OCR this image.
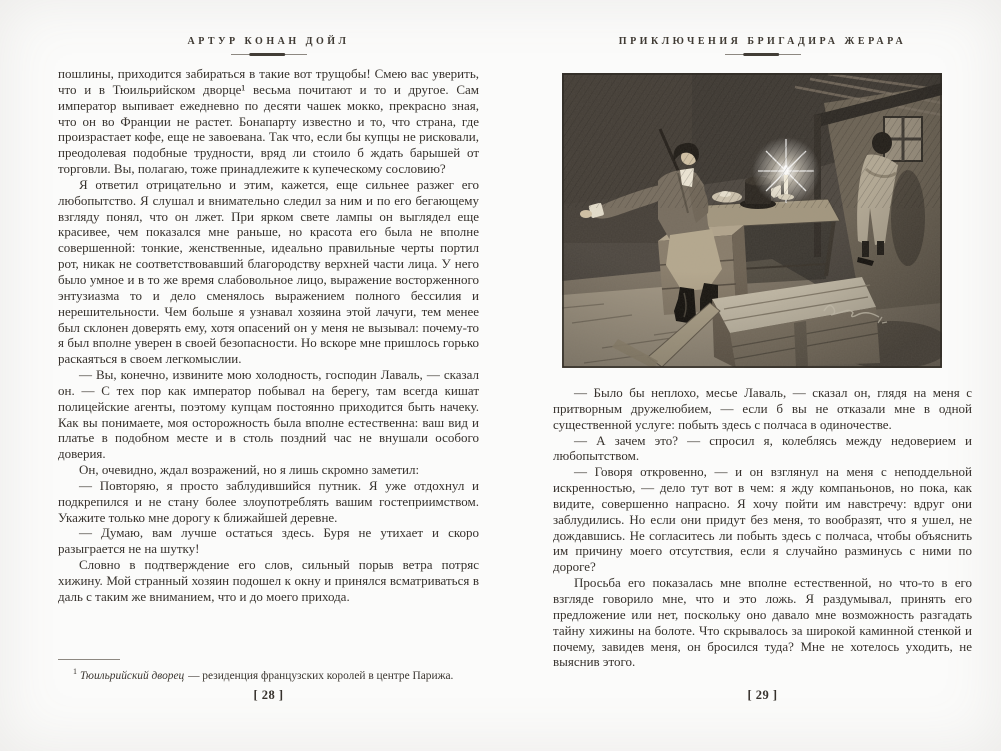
АРТУР КОНАН ДОЙЛ

пошлины, приходится забираться в такие вот трущобы! Смею вас уверить, что и в Тюильрийском дворце¹ весьма почитают и то и другое. Сам император выпивает ежедневно по десяти чашек мокко, прекрасно зная, что он во Франции не растет. Бонапарту известно и то, что страна, где произрастает кофе, еще не завоевана. Так что, если бы купцы не рисковали, преодолевая подобные трудности, вряд ли стоило б ждать барышей от торговли. Вы, полагаю, тоже принадлежите к купеческому сословию?

Я ответил отрицательно и этим, кажется, еще сильнее разжег его любопытство. Я слушал и внимательно следил за ним и по его бегающему взгляду понял, что он лжет. При ярком свете лампы он выглядел еще красивее, чем показался мне раньше, но красота его была не вполне совершенной: тонкие, женственные, идеально правильные черты портил рот, никак не соответствовавший благородству верхней части лица. У него было умное и в то же время слабовольное лицо, выражение восторженного энтузиазма то и дело сменялось выражением полного бессилия и нерешительности. Чем больше я узнавал хозяина этой лачуги, тем менее был склонен доверять ему, хотя опасений он у меня не вызывал: почему-то я был вполне уверен в своей безопасности. Но вскоре мне пришлось горько раскаяться в своем легкомыслии.

— Вы, конечно, извините мою холодность, господин Лаваль, — сказал он. — С тех пор как император побывал на берегу, там всегда кишат полицейские агенты, поэтому купцам постоянно приходится быть начеку. Как вы понимаете, моя осторожность была вполне естественна: ваш вид и платье в подобном месте и в столь поздний час не внушали особого доверия.

Он, очевидно, ждал возражений, но я лишь скромно заметил:

— Повторяю, я просто заблудившийся путник. Я уже отдохнул и подкрепился и не стану более злоупотреблять вашим гостеприимством. Укажите только мне дорогу к ближайшей деревне.

— Думаю, вам лучше остаться здесь. Буря не утихает и скоро разыграется не на шутку!

Словно в подтверждение его слов, сильный порыв ветра потряс хижину. Мой странный хозяин подошел к окну и принялся всматриваться в даль с таким же вниманием, что и до моего прихода.

$^1$ Тюильрийский дворец — резиденция французских королей в центре Парижа.
[ 28 ]
ПРИКЛЮЧЕНИЯ БРИГАДИРА ЖЕРАРА

— Было бы неплохо, месье Лаваль, — сказал он, глядя на меня с притворным дружелюбием, — если б вы не отказали мне в одной существенной услуге: побыть здесь с полчаса в одиночестве.

— А зачем это? — спросил я, колеблясь между недоверием и любопытством.

— Говоря откровенно, — и он взглянул на меня с неподдельной искренностью, — дело тут вот в чем: я жду компаньонов, но пока, как видите, совершенно напрасно. Я хочу пойти им навстречу: вдруг они заблудились. Но если они придут без меня, то вообразят, что я ушел, не дождавшись. Не согласитесь ли побыть здесь с полчаса, чтобы объяснить им причину моего отсутствия, если я случайно разминусь с ними по дороге?

Просьба его показалась мне вполне естественной, но что-то в его взгляде говорило мне, что и это ложь. Я раздумывал, принять его предложение или нет, поскольку оно давало мне возможность разгадать тайну хижины на болоте. Что скрывалось за широкой каминной стенкой и почему, завидев меня, он бросился туда? Мне не хотелось уходить, не выяснив этого.

[ 29 ]
